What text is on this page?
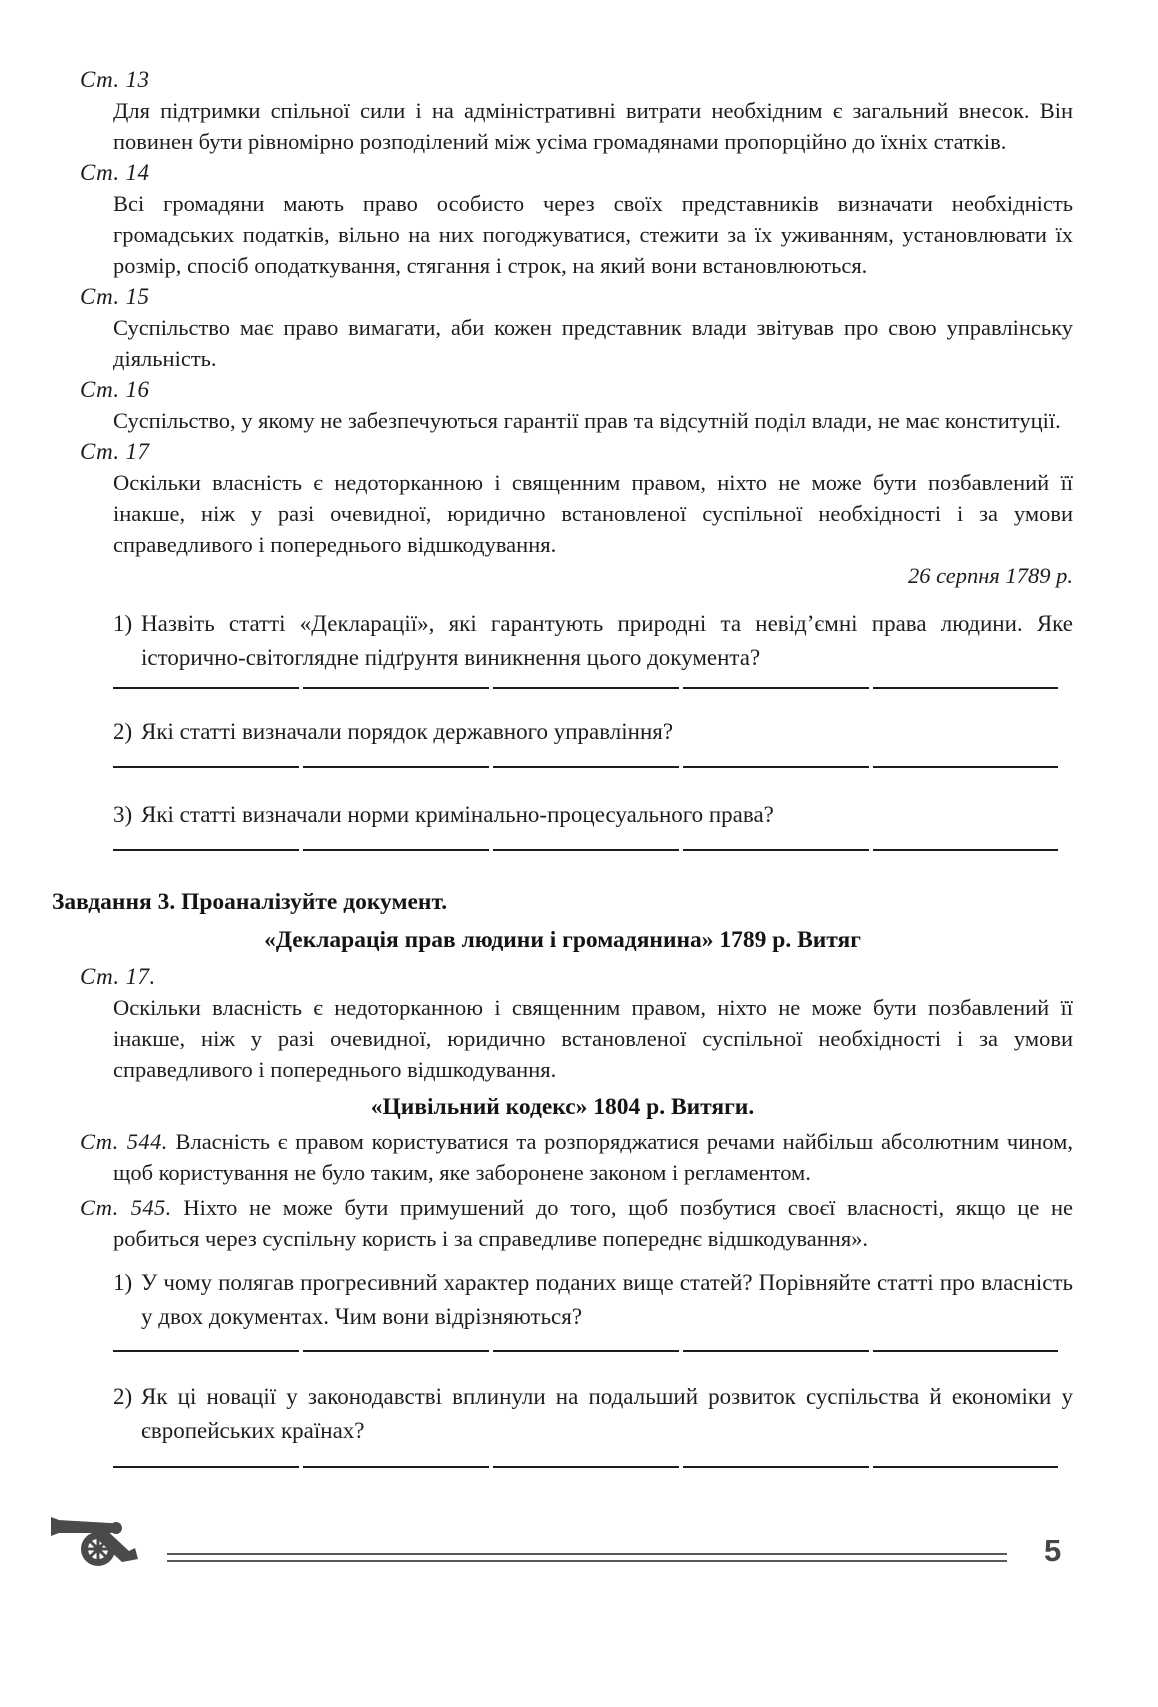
Ст. 13

Для підтримки спільної сили і на адміністративні витрати необхідним є загальний внесок. Він повинен бути рівномірно розподілений між усіма громадянами пропорційно до їхніх статків.

Ст. 14

Всі громадяни мають право особисто через своїх представників визначати необхідність громадських податків, вільно на них погоджуватися, стежити за їх уживанням, установлювати їх розмір, спосіб оподаткування, стягання і строк, на який вони встановлюються.

Ст. 15

Суспільство має право вимагати, аби кожен представник влади звітував про свою управлінську діяльність.

Ст. 16

Суспільство, у якому не забезпечуються гарантії прав та відсутній поділ влади, не має конституції.

Ст. 17

Оскільки власність є недоторканною і священним правом, ніхто не може бути позбавлений її інакше, ніж у разі очевидної, юридично встановленої суспільної необхідності і за умови справедливого і попереднього відшкодування.

26 серпня 1789 р.

1) Назвіть статті «Декларації», які гарантують природні та невід’ємні права людини. Яке історично-світоглядне підґрунтя виникнення цього документа?
2) Які статті визначали порядок державного управління?
3) Які статті визначали норми кримінально-процесуального права?

Завдання 3. Проаналізуйте документ.

«Декларація прав людини і громадянина» 1789 р. Витяг

Ст. 17.

Оскільки власність є недоторканною і священним правом, ніхто не може бути позбавлений її інакше, ніж у разі очевидної, юридично встановленої суспільної необхідності і за умови справедливого і попереднього відшкодування.

«Цивільний кодекс» 1804 р. Витяги.

Ст. 544. Власність є правом користуватися та розпоряджатися речами найбільш абсолютним чином, щоб користування не було таким, яке заборонене законом і регламентом.

Ст. 545. Ніхто не може бути примушений до того, щоб позбутися своєї власності, якщо це не робиться через суспільну користь і за справедливе попереднє відшкодування».

1) У чому полягав прогресивний характер поданих вище статей? Порівняйте статті про власність у двох документах. Чим вони відрізняються?
2) Як ці новації у законодавстві вплинули на подальший розвиток суспільства й економіки у європейських країнах?
5
